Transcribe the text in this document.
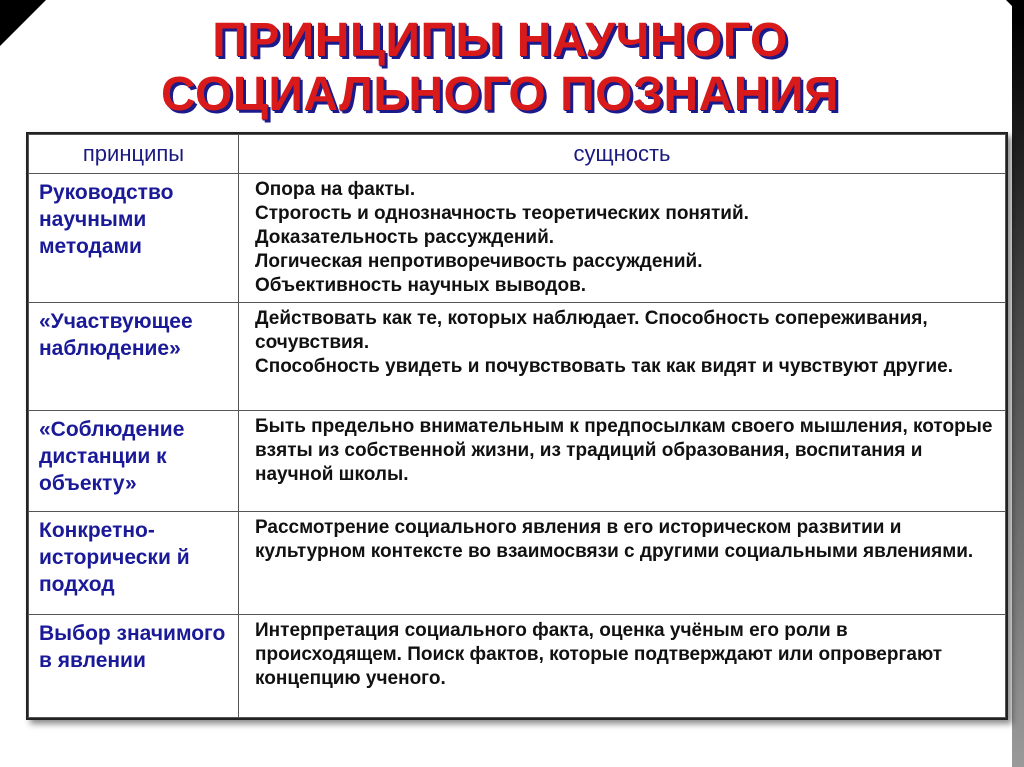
ПРИНЦИПЫ НАУЧНОГО
СОЦИАЛЬНОГО ПОЗНАНИЯ
принципы	сущность
Руководство научными методами	Опора на факты.
Строгость и однозначность теоретических понятий.
Доказательность рассуждений.
Логическая непротиворечивость рассуждений.
Объективность научных выводов.

«Участвующее наблюдение»	Действовать как те, которых наблюдает. Способность сопереживания, сочувствия.
Способность увидеть и почувствовать так как видят и чувствуют другие.

«Соблюдение дистанции к объекту»	Быть предельно внимательным к предпосылкам своего мышления, которые взяты из собственной жизни, из традиций образования, воспитания и научной школы.

Конкретно-исторически й подход	Рассмотрение социального явления в его историческом развитии и культурном контексте во взаимосвязи с другими социальными явлениями.

Выбор значимого в явлении	Интерпретация социального факта, оценка учёным его роли в происходящем. Поиск фактов, которые подтверждают или опровергают концепцию ученого.
